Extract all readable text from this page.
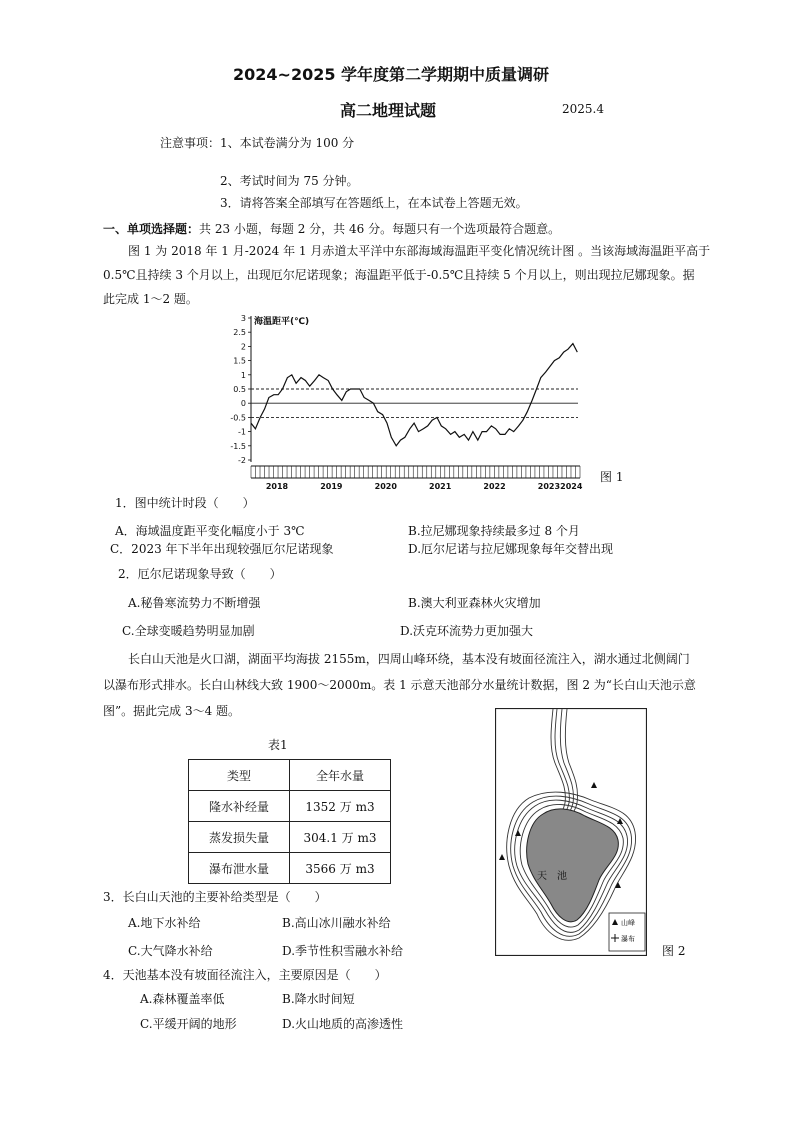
2024~2025 学年度第二学期期中质量调研
高二地理试题	2025.4
注意事项：1、本试卷满分为 100 分
2、考试时间为 75 分钟。
3．请将答案全部填写在答题纸上，在本试卷上答题无效。
一、单项选择题：共 23 小题，每题 2 分，共 46 分。每题只有一个选项最符合题意。
图 1 为 2018 年 1 月-2024 年 1 月赤道太平洋中东部海域海温距平变化情况统计图 。当该海域海温距平高于
0.5℃且持续 3 个月以上，出现厄尔尼诺现象；海温距平低于-0.5℃且持续 5 个月以上，则出现拉尼娜现象。据
此完成 1～2 题。
3
2.5
2
1.5
1
0.5
0
-0.5
-1
-1.5
-2
海温距平(℃)
2018	2019	2020	2021	2022	2023 2024
图 1
1．图中统计时段（　　）
A．海域温度距平变化幅度小于 3℃	B.拉尼娜现象持续最多过 8 个月
C．2023 年下半年出现较强厄尔尼诺现象	D.厄尔尼诺与拉尼娜现象每年交替出现
2．厄尔尼诺现象导致（　　）
A.秘鲁寒流势力不断增强	B.澳大利亚森林火灾增加
C.全球变暖趋势明显加剧	D.沃克环流势力更加强大
长白山天池是火口湖，湖面平均海拔 2155m，四周山峰环绕，基本没有坡面径流注入，湖水通过北侧阔门
以瀑布形式排水。长白山林线大致 1900～2000m。表 1 示意天池部分水量统计数据，图 2 为“长白山天池示意
图”。据此完成 3～4 题。
表1
类型	全年水量
隆水补经量	1352 万 m3
蒸发损失量	304.1 万 m3
瀑布泄水量	3566 万 m3
天　池
山峰
瀑布
图 2
3．长白山天池的主要补给类型是（　　）
A.地下水补给	B.高山冰川融水补给
C.大气降水补给	D.季节性积雪融水补给
4．天池基本没有坡面径流注入，主要原因是（　　）
A.森林覆盖率低	B.降水时间短
C.平缓开阔的地形	D.火山地质的高渗透性
